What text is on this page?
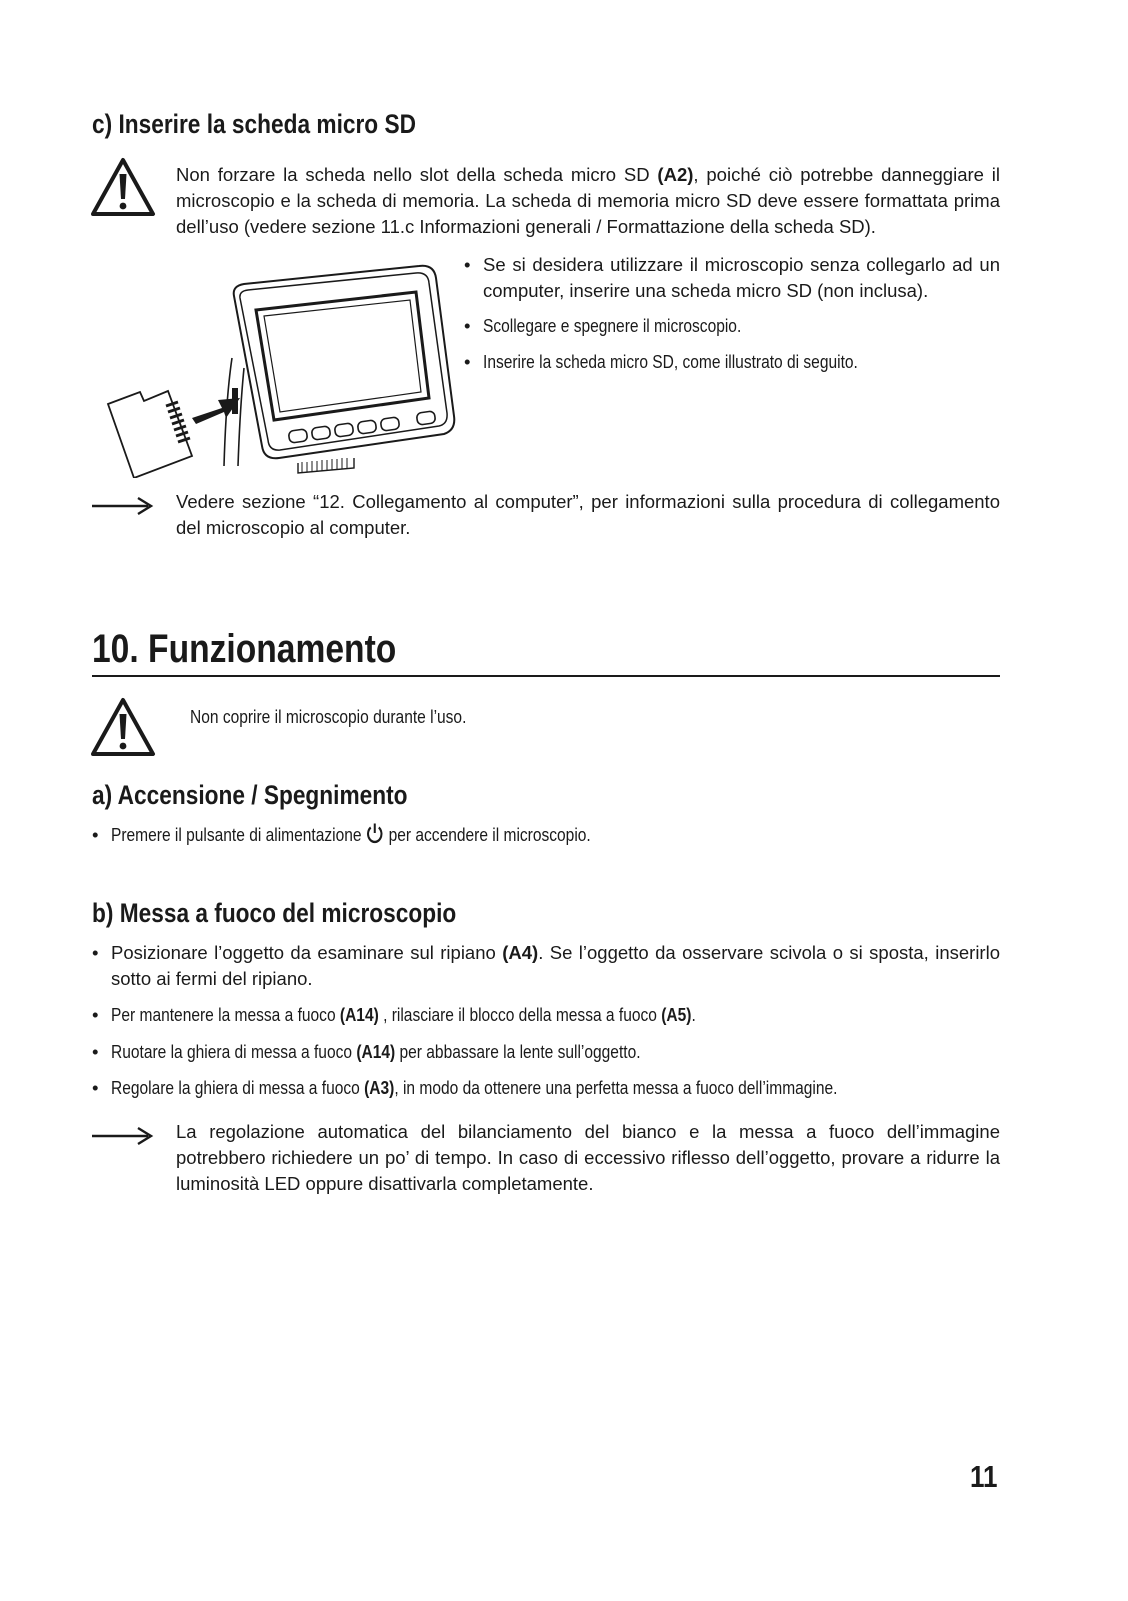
c) Inserire la scheda micro SD
Non forzare la scheda nello slot della scheda micro SD (A2), poiché ciò potrebbe danneggiare il microscopio e la scheda di memoria. La scheda di memoria micro SD deve essere formattata prima dell’uso (vedere sezione 11.c Informazioni generali / Formattazione della scheda SD).
• Se si desidera utilizzare il microscopio senza collegarlo ad un computer, inserire una scheda micro SD (non inclusa).
• Scollegare e spegnere il microscopio.
• Inserire la scheda micro SD, come illustrato di seguito.
Vedere sezione “12. Collegamento al computer”, per informazioni sulla procedura di collegamento del microscopio al computer.
10. Funzionamento
Non coprire il microscopio durante l’uso.
a) Accensione / Spegnimento
• Premere il pulsante di alimentazione
per accendere il microscopio.
b) Messa a fuoco del microscopio
• Posizionare l’oggetto da esaminare sul ripiano (A4). Se l’oggetto da osservare scivola o si sposta, inserirlo sotto ai fermi del ripiano.
• Per mantenere la messa a fuoco (A14) , rilasciare il blocco della messa a fuoco (A5).
• Ruotare la ghiera di messa a fuoco (A14) per abbassare la lente sull’oggetto.
• Regolare la ghiera di messa a fuoco (A3), in modo da ottenere una perfetta messa a fuoco dell’immagine.
La regolazione automatica del bilanciamento del bianco e la messa a fuoco dell’immagine potrebbero richiedere un po’ di tempo. In caso di eccessivo riflesso dell’oggetto, provare a ridurre la luminosità LED oppure disattivarla completamente.
11
